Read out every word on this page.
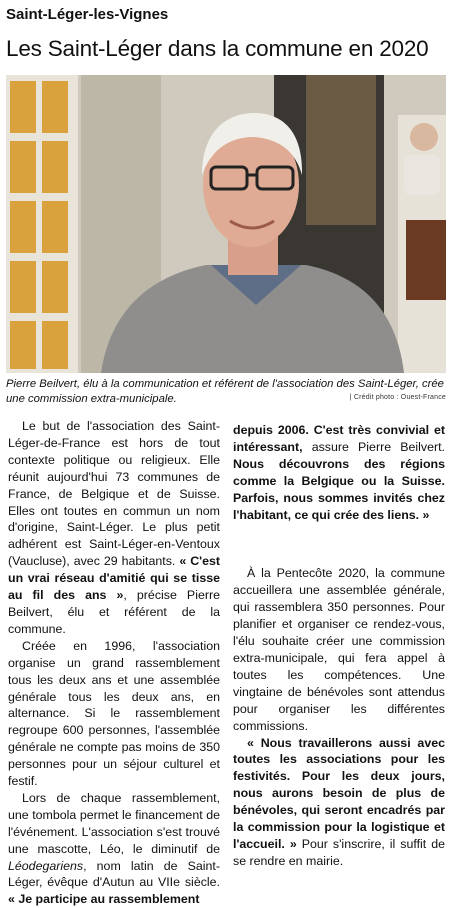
Saint-Léger-les-Vignes
Les Saint-Léger dans la commune en 2020
Pierre Beilvert, élu à la communication et référent de l'association des Saint-Léger, crée une commission extra-municipale.	| Crédit photo : Ouest-France

Le but de l'association des Saint-Léger-de-France est hors de tout contexte politique ou religieux. Elle réunit aujourd'hui 73 communes de France, de Belgique et de Suisse. Elles ont toutes en commun un nom d'origine, Saint-Léger. Le plus petit adhérent est Saint-Léger-en-Ventoux (Vaucluse), avec 29 habitants. « C'est un vrai réseau d'amitié qui se tisse au fil des ans », précise Pierre Beilvert, élu et référent de la commune.

Créée en 1996, l'association organise un grand rassemblement tous les deux ans et une assemblée générale tous les deux ans, en alternance. Si le rassemblement regroupe 600 personnes, l'assemblée générale ne compte pas moins de 350 personnes pour un séjour culturel et festif.

Lors de chaque rassemblement, une tombola permet le financement de l'événement. L'association s'est trouvé une mascotte, Léo, le diminutif de Léodegariens, nom latin de Saint-Léger, évêque d'Autun au VIIe siècle. « Je participe au rassemblement

depuis 2006. C'est très convivial et intéressant, assure Pierre Beilvert. Nous découvrons des régions comme la Belgique ou la Suisse. Parfois, nous sommes invités chez l'habitant, ce qui crée des liens. »

À la Pentecôte 2020, la commune accueillera une assemblée générale, qui rassemblera 350 personnes. Pour planifier et organiser ce rendez-vous, l'élu souhaite créer une commission extra-municipale, qui fera appel à toutes les compétences. Une vingtaine de bénévoles sont attendus pour organiser les différentes commissions.

« Nous travaillerons aussi avec toutes les associations pour les festivités. Pour les deux jours, nous aurons besoin de plus de bénévoles, qui seront encadrés par la commission pour la logistique et l'accueil. » Pour s'inscrire, il suffit de se rendre en mairie.
